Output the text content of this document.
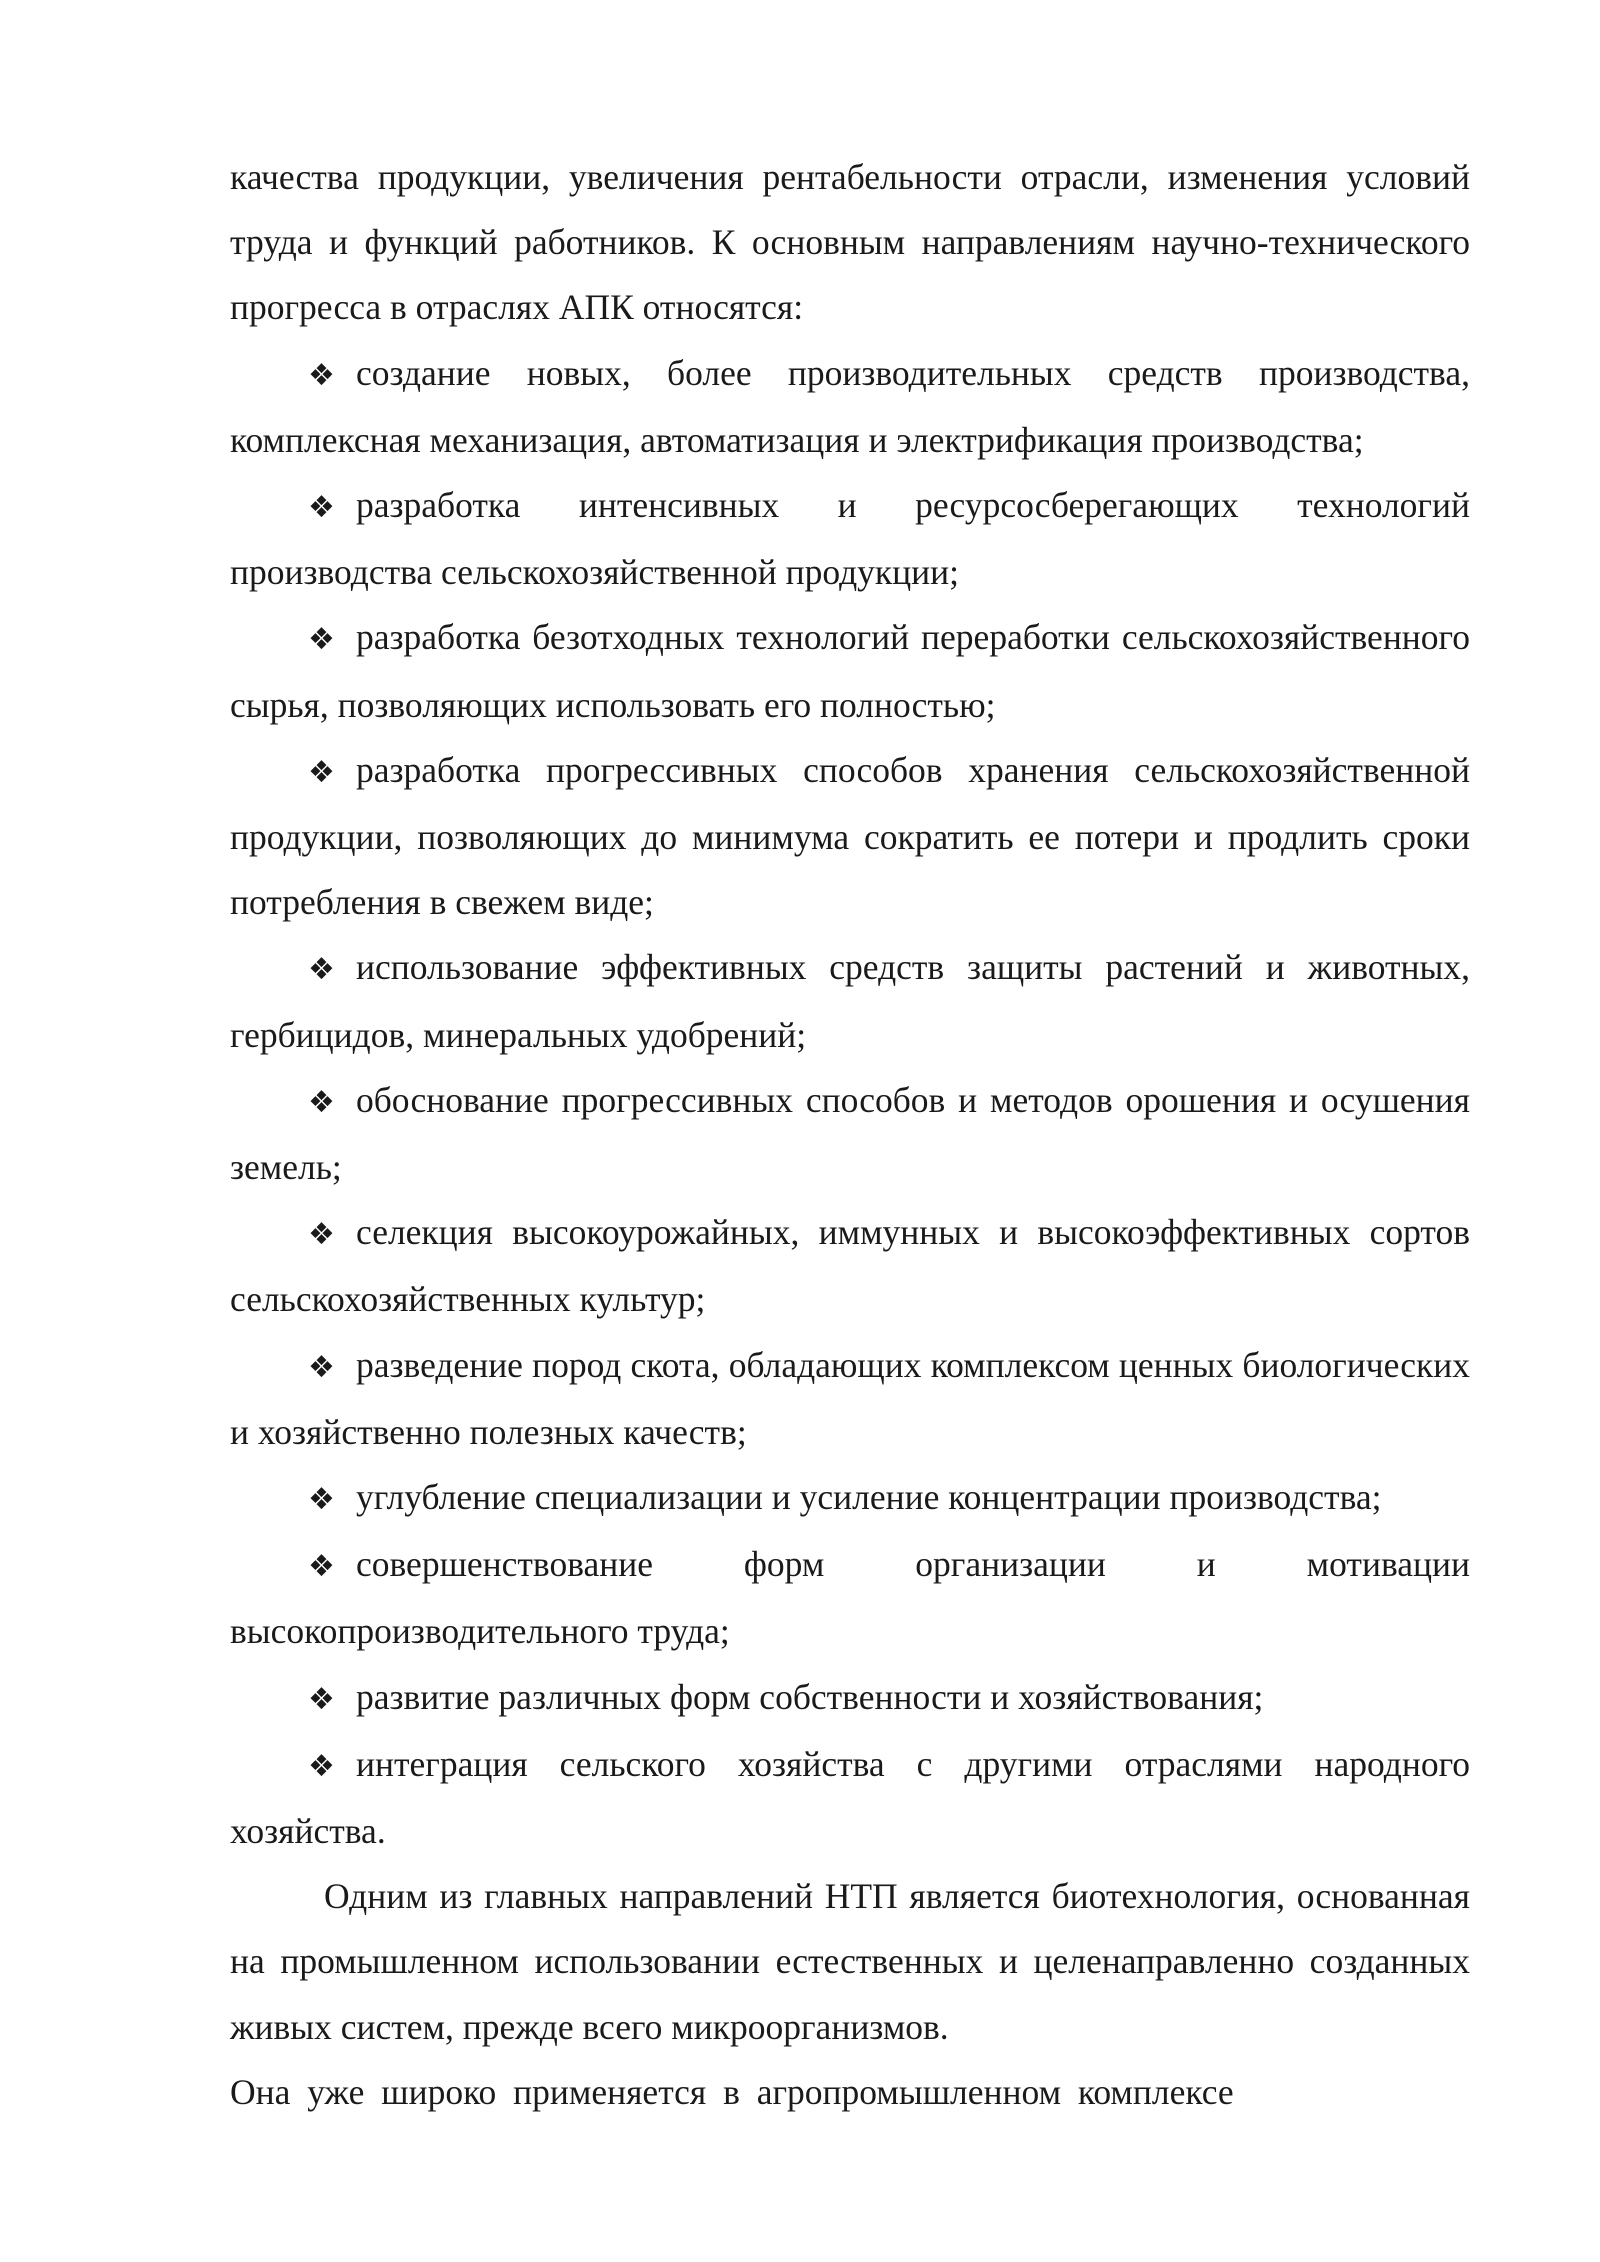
качества продукции, увеличения рентабельности отрасли, изменения условий труда и функций работников. К основным направлениям научно-технического прогресса в отраслях АПК относятся:

❖ создание новых, более производительных средств производства, комплексная механизация, автоматизация и электрификация производства;

❖ разработка интенсивных и ресурсосберегающих технологий производства сельскохозяйственной продукции;

❖ разработка безотходных технологий переработки сельскохозяйственного сырья, позволяющих использовать его полностью;

❖ разработка прогрессивных способов хранения сельскохозяйственной продукции, позволяющих до минимума сократить ее потери и продлить сроки потребления в свежем виде;

❖ использование эффективных средств защиты растений и животных, гербицидов, минеральных удобрений;

❖ обоснование прогрессивных способов и методов орошения и осушения земель;

❖ селекция высокоурожайных, иммунных и высокоэффективных сортов сельскохозяйственных культур;

❖ разведение пород скота, обладающих комплексом ценных биологических и хозяйственно полезных качеств;

❖ углубление специализации и усиление концентрации производства;

❖ совершенствование форм организации и мотивации высокопроизводительного труда;

❖ развитие различных форм собственности и хозяйствования;

❖ интеграция сельского хозяйства с другими отраслями народного хозяйства.

Одним из главных направлений НТП является биотехнология, основанная на промышленном использовании естественных и целенаправленно созданных живых систем, прежде всего микроорганизмов.

Она уже широко применяется в агропромышленном комплексе
